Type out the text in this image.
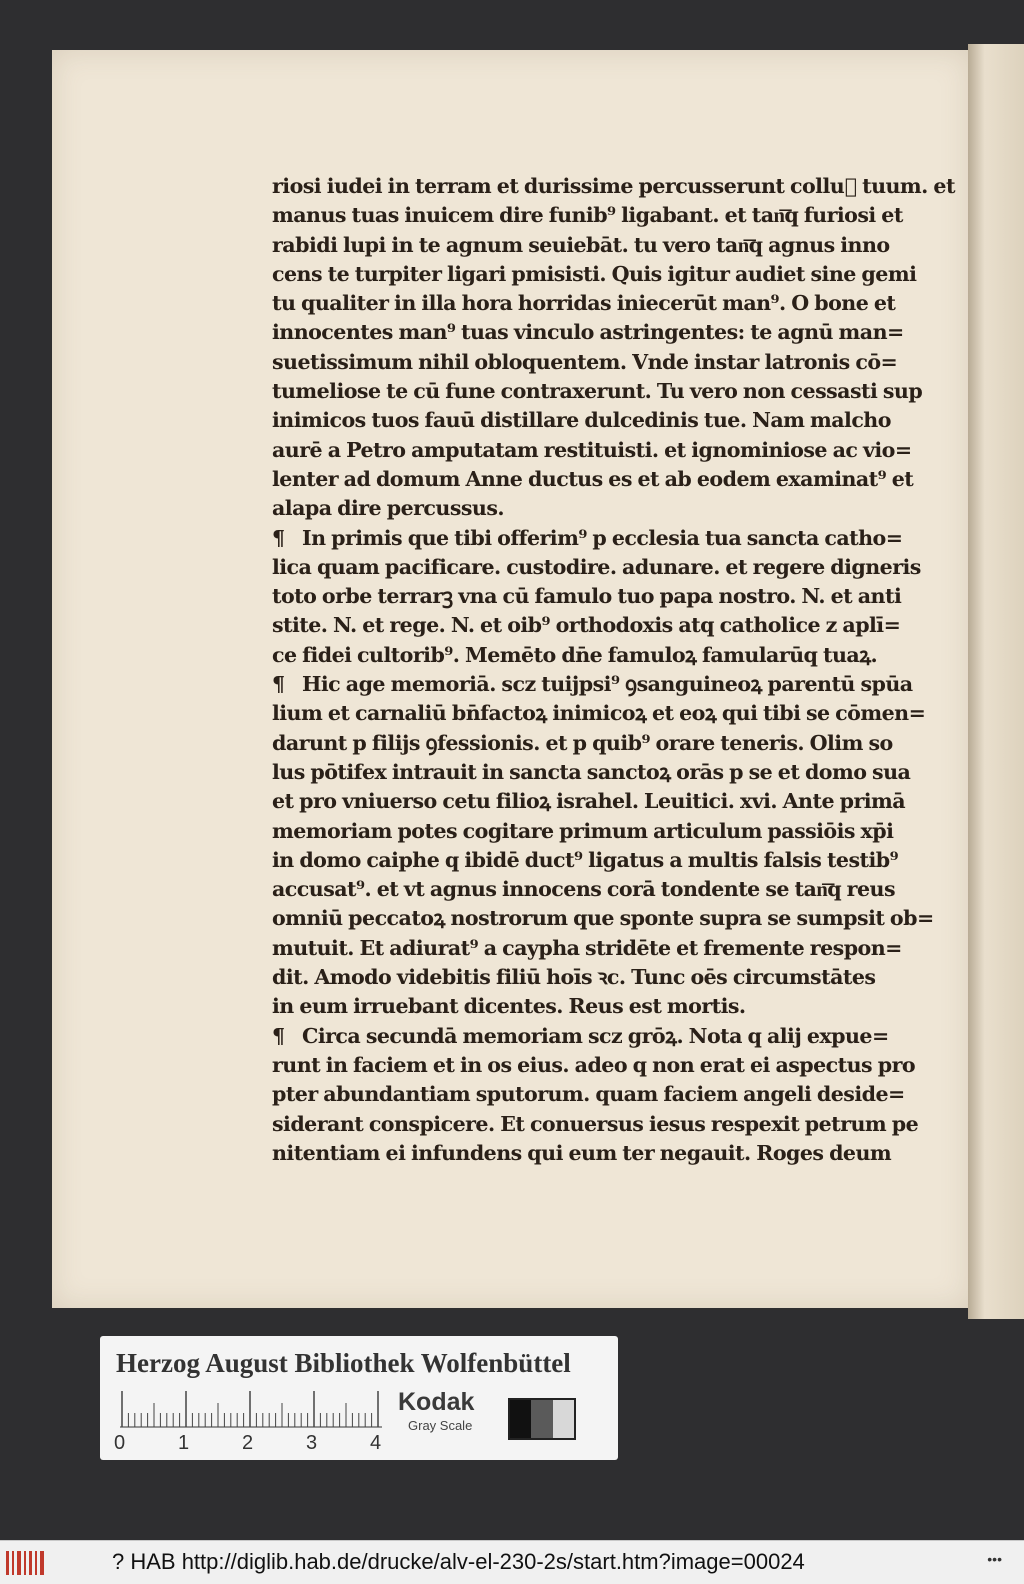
riosi iudei in terram et durissime percusserunt collu᷑ tuum. et
manus tuas inuicem dire funib⁹ ligabant. et tan͞q furiosi et
rabidi lupi in te agnum seuiebāt. tu vero tan͞q agnus inno
cens te turpiter ligari pmisisti. Quis igitur audiet sine gemi
tu qualiter in illa hora horridas iniecerūt man⁹. O bone et
innocentes man⁹ tuas vinculo astringentes: te agnū man=
suetissimum nihil obloquentem. Vnde instar latronis cō=
tumeliose te cū fune contraxerunt. Tu vero non cessasti sup
inimicos tuos fauū distillare dulcedinis tue. Nam malcho
aurē a Petro amputatam restituisti. et ignominiose ac vio=
lenter ad domum Anne ductus es et ab eodem examinat⁹ et
alapa dire percussus.
¶ In primis que tibi offerim⁹ p ecclesia tua sancta catho=
lica quam pacificare. custodire. adunare. et regere digneris
toto orbe terrarꝫ vna cū famulo tuo papa nostro. N. et anti
stite. N. et rege. N. et oib⁹ orthodoxis atq catholice z aplī=
ce fidei cultorib⁹. Memēto dn̄e famuloꝝ famularūq tuaꝝ.
¶ Hic age memoriā. scz tuijpsi⁹ ꝯsanguineoꝝ parentū spūa
lium et carnaliū bn̄factoꝝ inimicoꝝ et eoꝝ qui tibi se cōmen=
darunt p filijs ꝯfessionis. et p quib⁹ orare teneris. Olim so
lus pōtifex intrauit in sancta sanctoꝝ orās p se et domo sua
et pro vniuerso cetu filioꝝ israhel. Leuitici. xvi. Ante primā
memoriam potes cogitare primum articulum passiōis xp̄i
in domo caiphe q ibidē duct⁹ ligatus a multis falsis testib⁹
accusat⁹. et vt agnus innocens corā tondente se tan͞q reus
omniū peccatoꝝ nostrorum que sponte supra se sumpsit ob=
mutuit. Et adiurat⁹ a caypha stridēte et fremente respon=
dit. Amodo videbitis filiū hoīs ꝛc. Tunc oēs circumstātes
in eum irruebant dicentes. Reus est mortis.
¶ Circa secundā memoriam scz grōꝝ. Nota q alij expue=
runt in faciem et in os eius. adeo q non erat ei aspectus pro
pter abundantiam sputorum. quam faciem angeli deside=
siderant conspicere. Et conuersus iesus respexit petrum pe
nitentiam ei infundens qui eum ter negauit. Roges deum
Herzog August Bibliothek Wolfenbüttel
0	1	2	3	4
Kodak
Gray Scale
? HAB http://diglib.hab.de/drucke/alv-el-230-2s/start.htm?image=00024	•••
